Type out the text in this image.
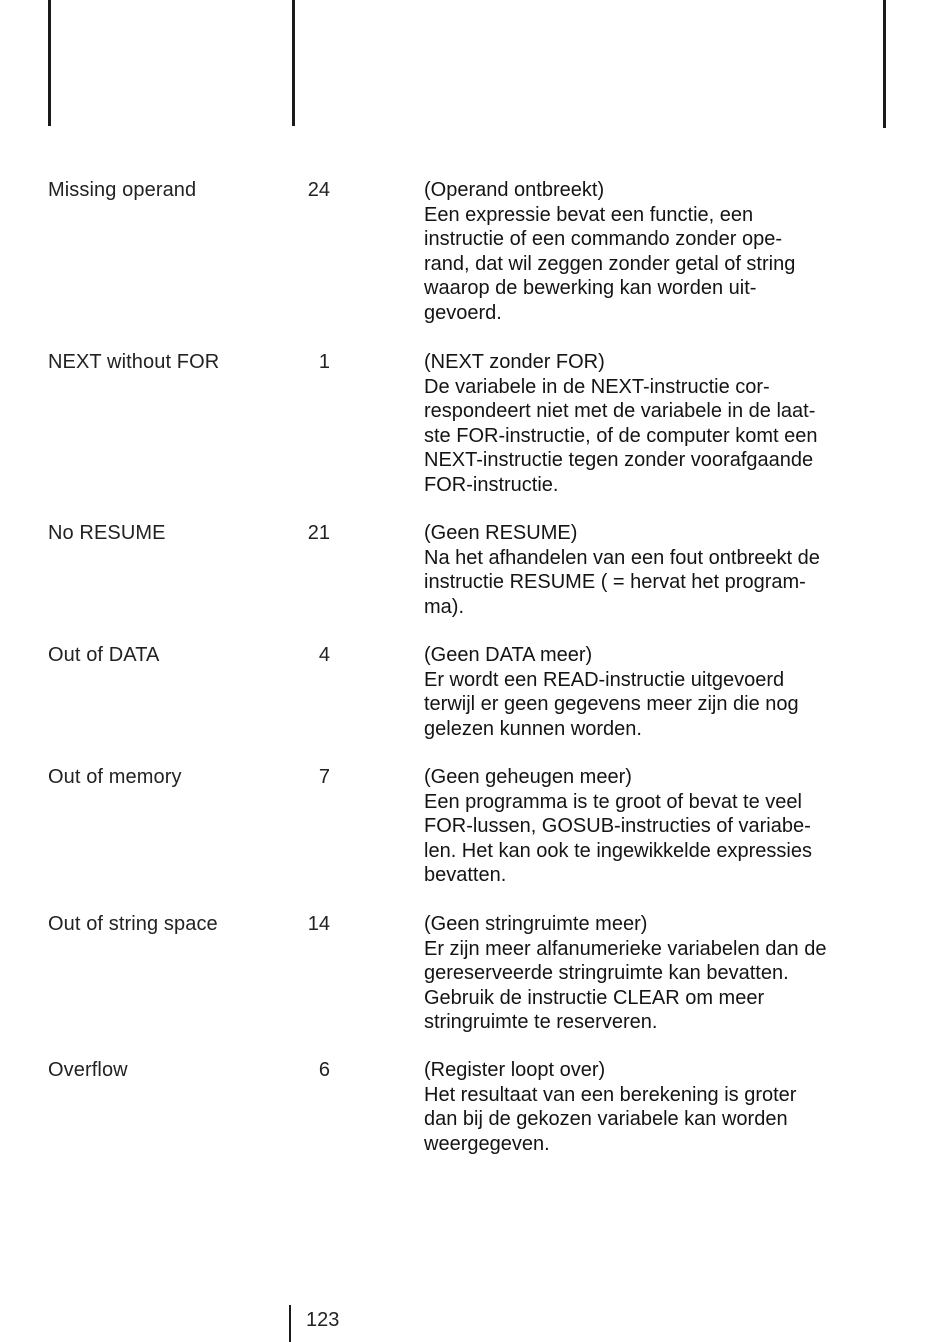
Missing operand	24	(Operand ontbreekt)
Een expressie bevat een functie, een
instructie of een commando zonder ope-
rand, dat wil zeggen zonder getal of string
waarop de bewerking kan worden uit-
gevoerd.
NEXT without FOR	1	(NEXT zonder FOR)
De variabele in de NEXT-instructie cor-
respondeert niet met de variabele in de laat-
ste FOR-instructie, of de computer komt een
NEXT-instructie tegen zonder voorafgaande
FOR-instructie.
No RESUME	21	(Geen RESUME)
Na het afhandelen van een fout ontbreekt de
instructie RESUME ( = hervat het program-
ma).
Out of DATA	4	(Geen DATA meer)
Er wordt een READ-instructie uitgevoerd
terwijl er geen gegevens meer zijn die nog
gelezen kunnen worden.
Out of memory	7	(Geen geheugen meer)
Een programma is te groot of bevat te veel
FOR-lussen, GOSUB-instructies of variabe-
len. Het kan ook te ingewikkelde expressies
bevatten.
Out of string space	14	(Geen stringruimte meer)
Er zijn meer alfanumerieke variabelen dan de
gereserveerde stringruimte kan bevatten.
Gebruik de instructie CLEAR om meer
stringruimte te reserveren.
Overflow	6	(Register loopt over)
Het resultaat van een berekening is groter
dan bij de gekozen variabele kan worden
weergegeven.
123
